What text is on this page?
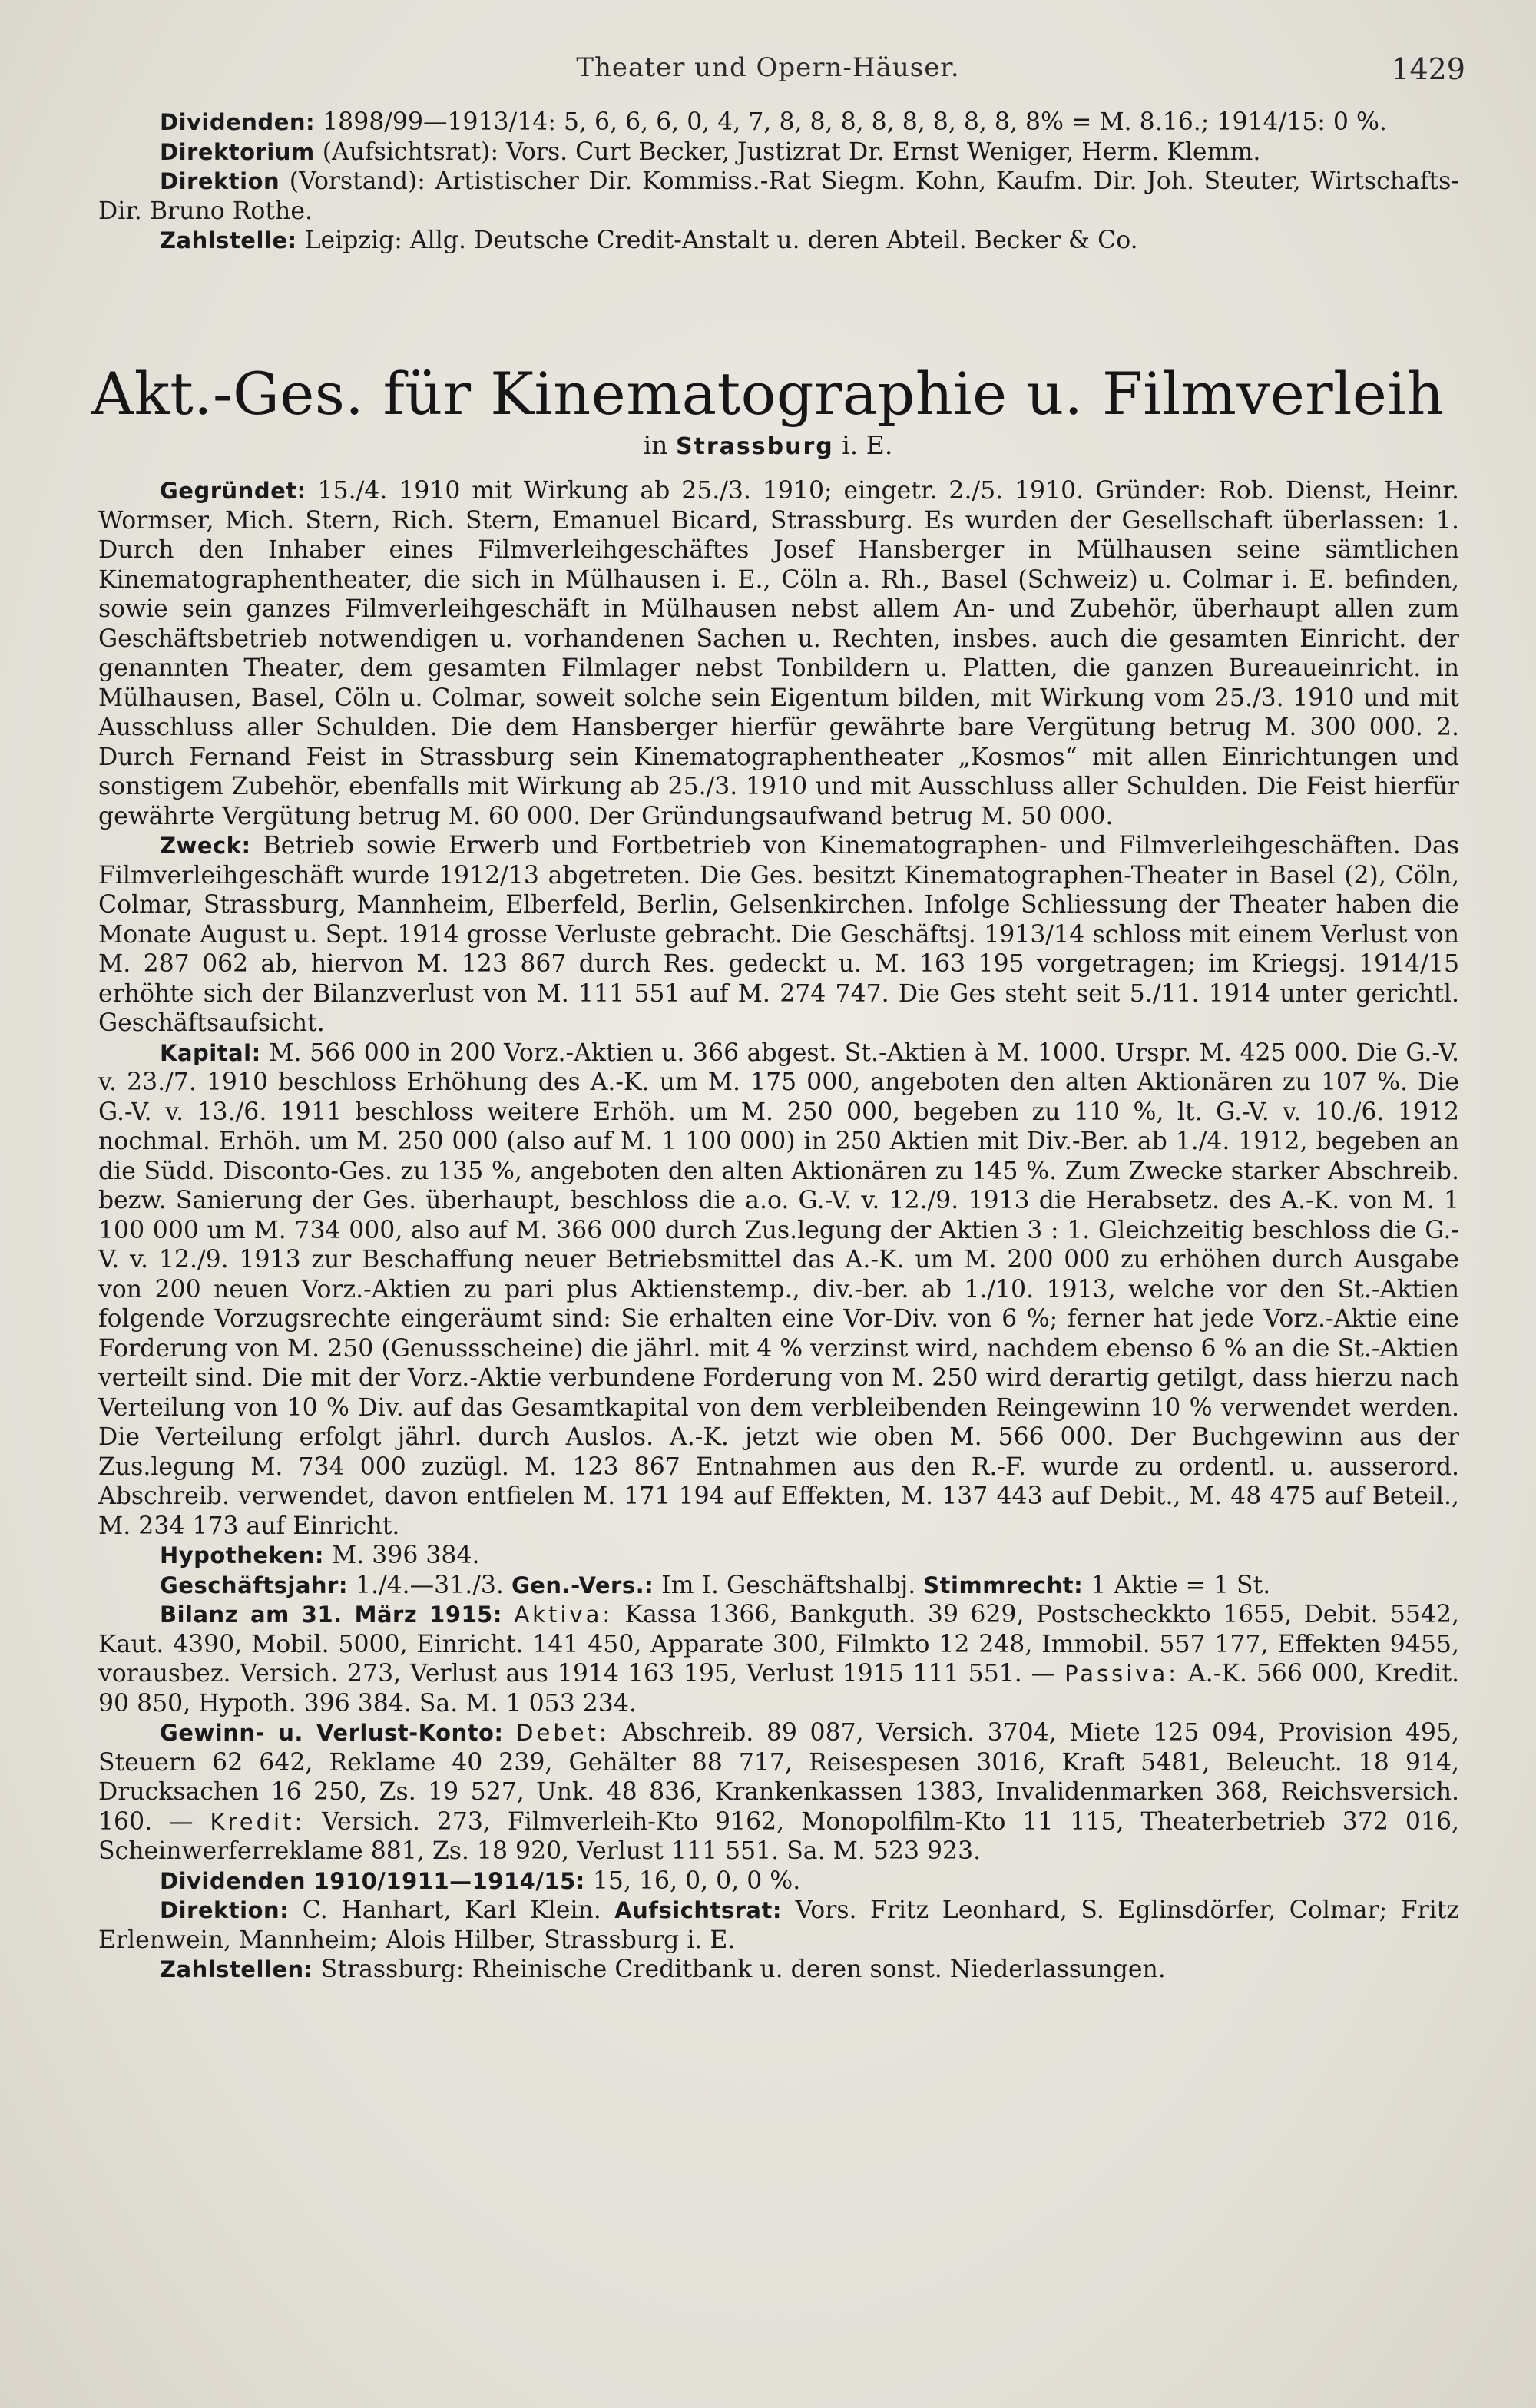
Theater und Opern-Häuser.	1429

Dividenden: 1898/99—1913/14: 5, 6, 6, 6, 0, 4, 7, 8, 8, 8, 8, 8, 8, 8, 8, 8% = M. 8.16.; 1914/15: 0 %.

Direktorium (Aufsichtsrat): Vors. Curt Becker, Justizrat Dr. Ernst Weniger, Herm. Klemm.

Direktion (Vorstand): Artistischer Dir. Kommiss.-Rat Siegm. Kohn, Kaufm. Dir. Joh. Steuter, Wirtschafts-Dir. Bruno Rothe.

Zahlstelle: Leipzig: Allg. Deutsche Credit-Anstalt u. deren Abteil. Becker & Co.

Akt.-Ges. für Kinematographie u. Filmverleih
in Strassburg i. E.

Gegründet: 15./4. 1910 mit Wirkung ab 25./3. 1910; eingetr. 2./5. 1910. Gründer: Rob. Dienst, Heinr. Wormser, Mich. Stern, Rich. Stern, Emanuel Bicard, Strassburg. Es wurden der Gesellschaft überlassen: 1. Durch den Inhaber eines Filmverleihgeschäftes Josef Hansberger in Mülhausen seine sämtlichen Kinematographentheater, die sich in Mülhausen i. E., Cöln a. Rh., Basel (Schweiz) u. Colmar i. E. befinden, sowie sein ganzes Filmverleihgeschäft in Mülhausen nebst allem An- und Zubehör, überhaupt allen zum Geschäftsbetrieb notwendigen u. vorhandenen Sachen u. Rechten, insbes. auch die gesamten Einricht. der genannten Theater, dem gesamten Filmlager nebst Tonbildern u. Platten, die ganzen Bureaueinricht. in Mülhausen, Basel, Cöln u. Colmar, soweit solche sein Eigentum bilden, mit Wirkung vom 25./3. 1910 und mit Ausschluss aller Schulden. Die dem Hansberger hierfür gewährte bare Vergütung betrug M. 300 000. 2. Durch Fernand Feist in Strassburg sein Kinematographentheater „Kosmos“ mit allen Einrichtungen und sonstigem Zubehör, ebenfalls mit Wirkung ab 25./3. 1910 und mit Ausschluss aller Schulden. Die Feist hierfür gewährte Vergütung betrug M. 60 000. Der Gründungsaufwand betrug M. 50 000.

Zweck: Betrieb sowie Erwerb und Fortbetrieb von Kinematographen- und Filmverleihgeschäften. Das Filmverleihgeschäft wurde 1912/13 abgetreten. Die Ges. besitzt Kinematographen-Theater in Basel (2), Cöln, Colmar, Strassburg, Mannheim, Elberfeld, Berlin, Gelsenkirchen. Infolge Schliessung der Theater haben die Monate August u. Sept. 1914 grosse Verluste gebracht. Die Geschäftsj. 1913/14 schloss mit einem Verlust von M. 287 062 ab, hiervon M. 123 867 durch Res. gedeckt u. M. 163 195 vorgetragen; im Kriegsj. 1914/15 erhöhte sich der Bilanzverlust von M. 111 551 auf M. 274 747. Die Ges steht seit 5./11. 1914 unter gerichtl. Geschäftsaufsicht.

Kapital: M. 566 000 in 200 Vorz.-Aktien u. 366 abgest. St.-Aktien à M. 1000. Urspr. M. 425 000. Die G.-V. v. 23./7. 1910 beschloss Erhöhung des A.-K. um M. 175 000, angeboten den alten Aktionären zu 107 %. Die G.-V. v. 13./6. 1911 beschloss weitere Erhöh. um M. 250 000, begeben zu 110 %, lt. G.-V. v. 10./6. 1912 nochmal. Erhöh. um M. 250 000 (also auf M. 1 100 000) in 250 Aktien mit Div.-Ber. ab 1./4. 1912, begeben an die Südd. Disconto-Ges. zu 135 %, angeboten den alten Aktionären zu 145 %. Zum Zwecke starker Abschreib. bezw. Sanierung der Ges. überhaupt, beschloss die a.o. G.-V. v. 12./9. 1913 die Herabsetz. des A.-K. von M. 1 100 000 um M. 734 000, also auf M. 366 000 durch Zus.legung der Aktien 3 : 1. Gleichzeitig beschloss die G.-V. v. 12./9. 1913 zur Beschaffung neuer Betriebsmittel das A.-K. um M. 200 000 zu erhöhen durch Ausgabe von 200 neuen Vorz.-Aktien zu pari plus Aktienstemp., div.-ber. ab 1./10. 1913, welche vor den St.-Aktien folgende Vorzugsrechte eingeräumt sind: Sie erhalten eine Vor-Div. von 6 %; ferner hat jede Vorz.-Aktie eine Forderung von M. 250 (Genussscheine) die jährl. mit 4 % verzinst wird, nachdem ebenso 6 % an die St.-Aktien verteilt sind. Die mit der Vorz.-Aktie verbundene Forderung von M. 250 wird derartig getilgt, dass hierzu nach Verteilung von 10 % Div. auf das Gesamtkapital von dem verbleibenden Reingewinn 10 % verwendet werden. Die Verteilung erfolgt jährl. durch Auslos. A.-K. jetzt wie oben M. 566 000. Der Buchgewinn aus der Zus.legung M. 734 000 zuzügl. M. 123 867 Entnahmen aus den R.-F. wurde zu ordentl. u. ausserord. Abschreib. verwendet, davon entfielen M. 171 194 auf Effekten, M. 137 443 auf Debit., M. 48 475 auf Beteil., M. 234 173 auf Einricht.

Hypotheken: M. 396 384.

Geschäftsjahr: 1./4.—31./3. Gen.-Vers.: Im I. Geschäftshalbj. Stimmrecht: 1 Aktie = 1 St.

Bilanz am 31. März 1915: Aktiva: Kassa 1366, Bankguth. 39 629, Postscheckkto 1655, Debit. 5542, Kaut. 4390, Mobil. 5000, Einricht. 141 450, Apparate 300, Filmkto 12 248, Immobil. 557 177, Effekten 9455, vorausbez. Versich. 273, Verlust aus 1914 163 195, Verlust 1915 111 551. — Passiva: A.-K. 566 000, Kredit. 90 850, Hypoth. 396 384. Sa. M. 1 053 234.

Gewinn- u. Verlust-Konto: Debet: Abschreib. 89 087, Versich. 3704, Miete 125 094, Provision 495, Steuern 62 642, Reklame 40 239, Gehälter 88 717, Reisespesen 3016, Kraft 5481, Beleucht. 18 914, Drucksachen 16 250, Zs. 19 527, Unk. 48 836, Krankenkassen 1383, Invalidenmarken 368, Reichsversich. 160. — Kredit: Versich. 273, Filmverleih-Kto 9162, Monopolfilm-Kto 11 115, Theaterbetrieb 372 016, Scheinwerferreklame 881, Zs. 18 920, Verlust 111 551. Sa. M. 523 923.

Dividenden 1910/1911—1914/15: 15, 16, 0, 0, 0 %.

Direktion: C. Hanhart, Karl Klein. Aufsichtsrat: Vors. Fritz Leonhard, S. Eglinsdörfer, Colmar; Fritz Erlenwein, Mannheim; Alois Hilber, Strassburg i. E.

Zahlstellen: Strassburg: Rheinische Creditbank u. deren sonst. Niederlassungen.
